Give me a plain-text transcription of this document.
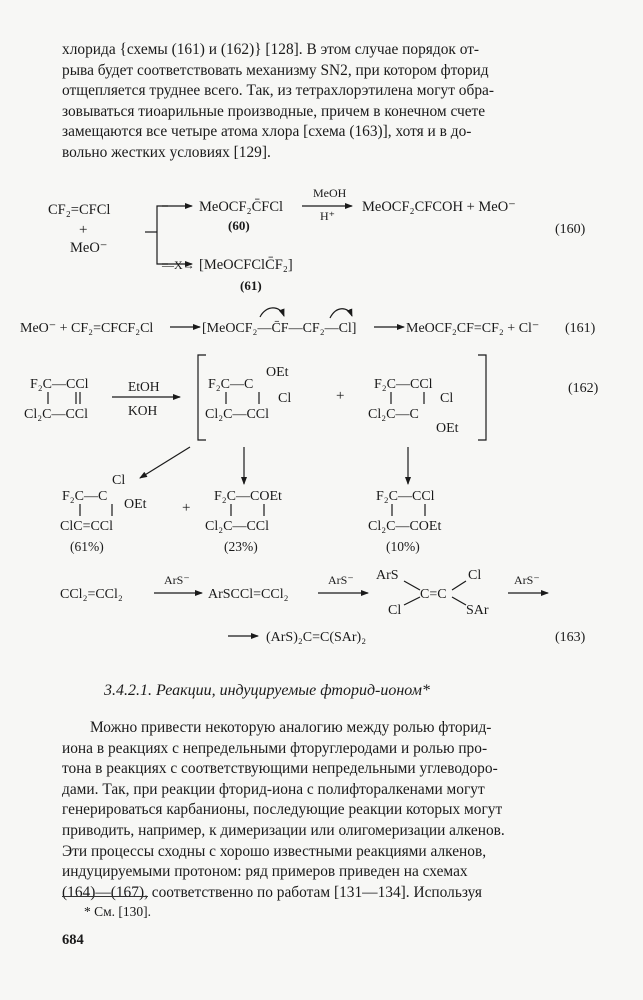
хлорида {схемы (161) и (162)} [128]. В этом случае порядок от-

рыва будет соответствовать механизму SN2, при котором фторид

отщепляется труднее всего. Так, из тетрахлорэтилена могут обра-

зовываться тиоарильные производные, причем в конечном счете

замещаются все четыре атома хлора [схема (163)], хотя и в до-

вольно жестких условиях [129].

CF₂=CFCl
+
MeO⁻
MeOCF₂C̄FCl
(60)
MeOH
H⁺
MeOCF₂CFCOH + MeO⁻
—X→ [MeOCFClC̄F₂]
(61)
(160)
MeO⁻ + CF₂=CFCF₂Cl	[MeOCF₂—C̄F—CF₂—Cl]	MeOCF₂CF=CF₂ + Cl⁻ (161)
F₂C—CCl
Cl₂C—CCl
EtOH
KOH
F₂C—C
OEt
Cl
Cl₂C—CCl
+
F₂C—CCl
Cl
Cl₂C—C
OEt
(162)
Cl
F₂C—C
OEt
ClC=CCl
(61%)
+
F₂C—COEt
Cl₂C—CCl
(23%)
F₂C—CCl
Cl₂C—COEt
(10%)
CCl₂=CCl₂
ArS⁻
ArSCCl=CCl₂
ArS⁻ ArS	Cl
C=C
Cl	SAr
ArS⁻
(ArS)₂C=C(SAr)₂	(163)
3.4.2.1. Реакции, индуцируемые фторид-ионом*

Можно привести некоторую аналогию между ролью фторид-

иона в реакциях с непредельными фторуглеродами и ролью про-

тона в реакциях с соответствующими непредельными углеводоро-

дами. Так, при реакции фторид-иона с полифторалкенами могут

генерироваться карбанионы, последующие реакции которых могут

приводить, например, к димеризации или олигомеризации алкенов.

Эти процессы сходны с хорошо известными реакциями алкенов,

индуцируемыми протоном: ряд примеров приведен на схемах

(164)—(167), соответственно по работам [131—134]. Используя

* См. [130].
684
